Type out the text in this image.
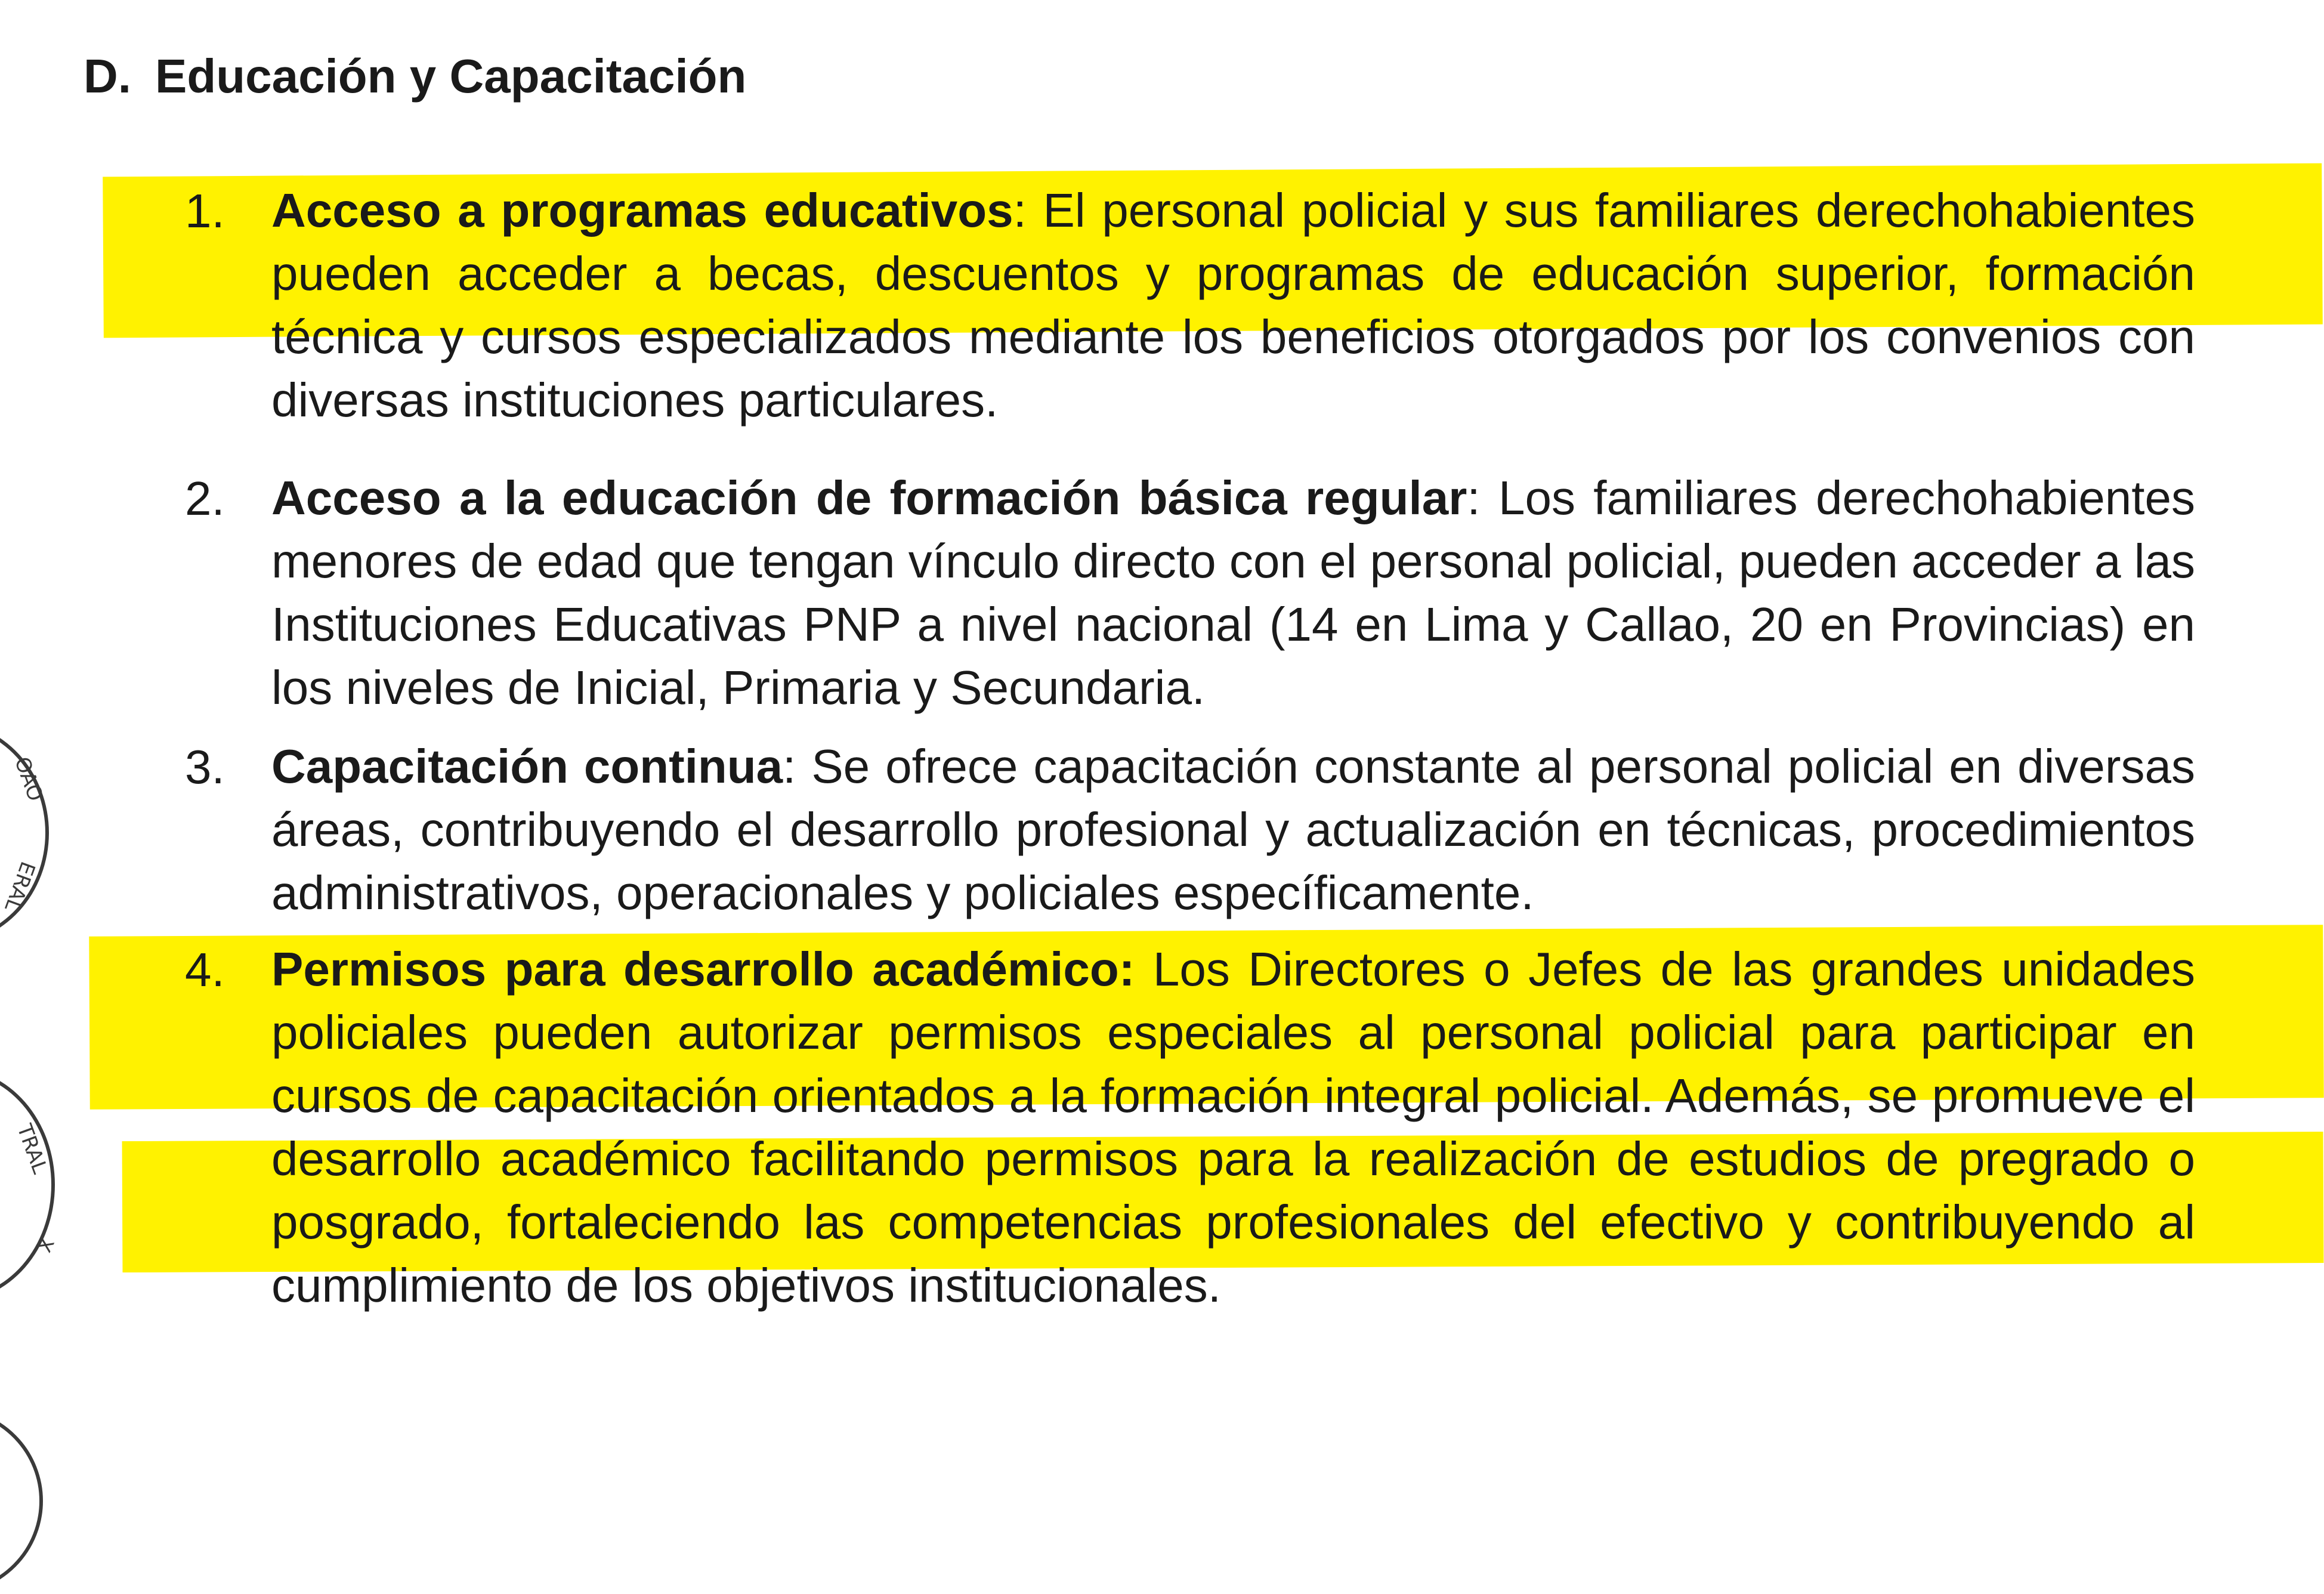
OAO
ERAL
TRAL
X
D. Educación y Capacitación
1. Acceso a programas educativos: El personal policial y sus familiares derechohabientes pueden acceder a becas, descuentos y programas de educación superior, formación técnica y cursos especializados mediante los beneficios otorgados por los convenios con diversas instituciones particulares.
2. Acceso a la educación de formación básica regular: Los familiares derechohabientes menores de edad que tengan vínculo directo con el personal policial, pueden acceder a las Instituciones Educativas PNP a nivel nacional (14 en Lima y Callao, 20 en Provincias) en los niveles de Inicial, Primaria y Secundaria.
3. Capacitación continua: Se ofrece capacitación constante al personal policial en diversas áreas, contribuyendo el desarrollo profesional y actualización en técnicas, procedimientos administrativos, operacionales y policiales específicamente.
4. Permisos para desarrollo académico: Los Directores o Jefes de las grandes unidades policiales pueden autorizar permisos especiales al personal policial para participar en cursos de capacitación orientados a la formación integral policial. Además, se promueve el desarrollo académico facilitando permisos para la realización de estudios de pregrado o posgrado, fortaleciendo las competencias profesionales del efectivo y contribuyendo al cumplimiento de los objetivos institucionales.
